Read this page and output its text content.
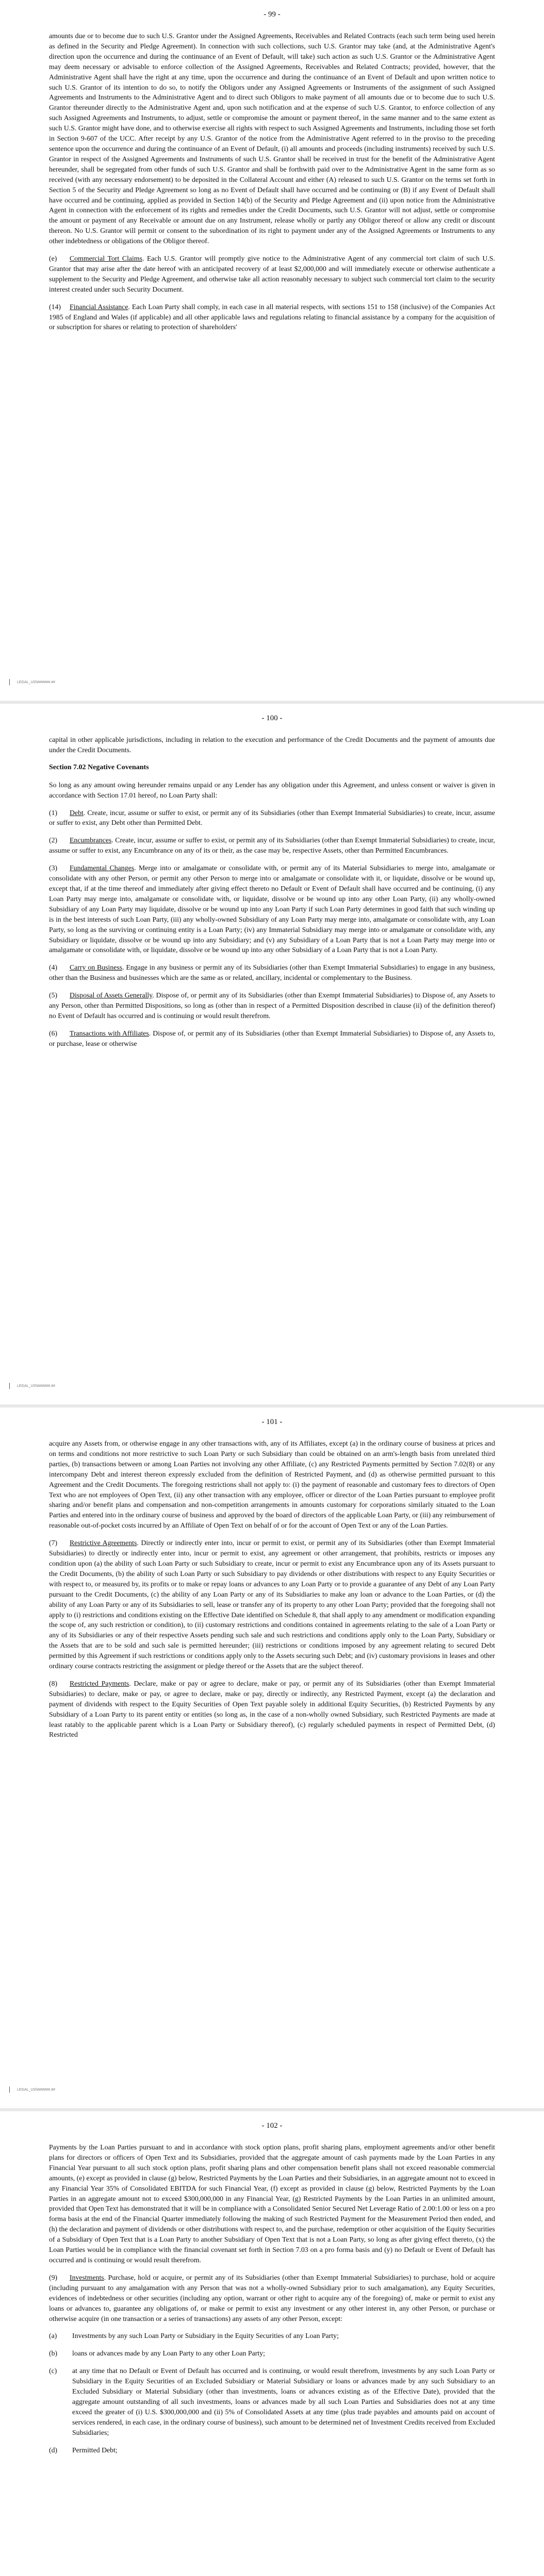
- 99 -

amounts due or to become due to such U.S. Grantor under the Assigned Agreements, Receivables and Related Contracts (each such term being used herein as defined in the Security and Pledge Agreement). In connection with such collections, such U.S. Grantor may take (and, at the Administrative Agent's direction upon the occurrence and during the continuance of an Event of Default, will take) such action as such U.S. Grantor or the Administrative Agent may deem necessary or advisable to enforce collection of the Assigned Agreements, Receivables and Related Contracts; provided, however, that the Administrative Agent shall have the right at any time, upon the occurrence and during the continuance of an Event of Default and upon written notice to such U.S. Grantor of its intention to do so, to notify the Obligors under any Assigned Agreements or Instruments of the assignment of such Assigned Agreements and Instruments to the Administrative Agent and to direct such Obligors to make payment of all amounts due or to become due to such U.S. Grantor thereunder directly to the Administrative Agent and, upon such notification and at the expense of such U.S. Grantor, to enforce collection of any such Assigned Agreements and Instruments, to adjust, settle or compromise the amount or payment thereof, in the same manner and to the same extent as such U.S. Grantor might have done, and to otherwise exercise all rights with respect to such Assigned Agreements and Instruments, including those set forth in Section 9-607 of the UCC. After receipt by any U.S. Grantor of the notice from the Administrative Agent referred to in the proviso to the preceding sentence upon the occurrence and during the continuance of an Event of Default, (i) all amounts and proceeds (including instruments) received by such U.S. Grantor in respect of the Assigned Agreements and Instruments of such U.S. Grantor shall be received in trust for the benefit of the Administrative Agent hereunder, shall be segregated from other funds of such U.S. Grantor and shall be forthwith paid over to the Administrative Agent in the same form as so received (with any necessary endorsement) to be deposited in the Collateral Account and either (A) released to such U.S. Grantor on the terms set forth in Section 5 of the Security and Pledge Agreement so long as no Event of Default shall have occurred and be continuing or (B) if any Event of Default shall have occurred and be continuing, applied as provided in Section 14(b) of the Security and Pledge Agreement and (ii) upon notice from the Administrative Agent in connection with the enforcement of its rights and remedies under the Credit Documents, such U.S. Grantor will not adjust, settle or compromise the amount or payment of any Receivable or amount due on any Instrument, release wholly or partly any Obligor thereof or allow any credit or discount thereon. No U.S. Grantor will permit or consent to the subordination of its right to payment under any of the Assigned Agreements or Instruments to any other indebtedness or obligations of the Obligor thereof.

(e) Commercial Tort Claims. Each U.S. Grantor will promptly give notice to the Administrative Agent of any commercial tort claim of such U.S. Grantor that may arise after the date hereof with an anticipated recovery of at least $2,000,000 and will immediately execute or otherwise authenticate a supplement to the Security and Pledge Agreement, and otherwise take all action reasonably necessary to subject such commercial tort claim to the security interest created under such Security Document.

(14) Financial Assistance. Each Loan Party shall comply, in each case in all material respects, with sections 151 to 158 (inclusive) of the Companies Act 1985 of England and Wales (if applicable) and all other applicable laws and regulations relating to financial assistance by a company for the acquisition of or subscription for shares or relating to protection of shareholders'

LEGAL_US\W#####.##
- 100 -

capital in other applicable jurisdictions, including in relation to the execution and performance of the Credit Documents and the payment of amounts due under the Credit Documents.

Section 7.02 Negative Covenants

So long as any amount owing hereunder remains unpaid or any Lender has any obligation under this Agreement, and unless consent or waiver is given in accordance with Section 17.01 hereof, no Loan Party shall:

(1) Debt. Create, incur, assume or suffer to exist, or permit any of its Subsidiaries (other than Exempt Immaterial Subsidiaries) to create, incur, assume or suffer to exist, any Debt other than Permitted Debt.

(2) Encumbrances. Create, incur, assume or suffer to exist, or permit any of its Subsidiaries (other than Exempt Immaterial Subsidiaries) to create, incur, assume or suffer to exist, any Encumbrance on any of its or their, as the case may be, respective Assets, other than Permitted Encumbrances.

(3) Fundamental Changes. Merge into or amalgamate or consolidate with, or permit any of its Material Subsidiaries to merge into, amalgamate or consolidate with any other Person, or permit any other Person to merge into or amalgamate or consolidate with it, or liquidate, dissolve or be wound up, except that, if at the time thereof and immediately after giving effect thereto no Default or Event of Default shall have occurred and be continuing, (i) any Loan Party may merge into, amalgamate or consolidate with, or liquidate, dissolve or be wound up into any other Loan Party, (ii) any wholly-owned Subsidiary of any Loan Party may liquidate, dissolve or be wound up into any Loan Party if such Loan Party determines in good faith that such winding up is in the best interests of such Loan Party, (iii) any wholly-owned Subsidiary of any Loan Party may merge into, amalgamate or consolidate with, any Loan Party, so long as the surviving or continuing entity is a Loan Party; (iv) any Immaterial Subsidiary may merge into or amalgamate or consolidate with, any Subsidiary or liquidate, dissolve or be wound up into any Subsidiary; and (v) any Subsidiary of a Loan Party that is not a Loan Party may merge into or amalgamate or consolidate with, or liquidate, dissolve or be wound up into any other Subsidiary of a Loan Party that is not a Loan Party.

(4) Carry on Business. Engage in any business or permit any of its Subsidiaries (other than Exempt Immaterial Subsidiaries) to engage in any business, other than the Business and businesses which are the same as or related, ancillary, incidental or complementary to the Business.

(5) Disposal of Assets Generally. Dispose of, or permit any of its Subsidiaries (other than Exempt Immaterial Subsidiaries) to Dispose of, any Assets to any Person, other than Permitted Dispositions, so long as (other than in respect of a Permitted Disposition described in clause (ii) of the definition thereof) no Event of Default has occurred and is continuing or would result therefrom.

(6) Transactions with Affiliates. Dispose of, or permit any of its Subsidiaries (other than Exempt Immaterial Subsidiaries) to Dispose of, any Assets to, or purchase, lease or otherwise

LEGAL_US\W#####.##
- 101 -

acquire any Assets from, or otherwise engage in any other transactions with, any of its Affiliates, except (a) in the ordinary course of business at prices and on terms and conditions not more restrictive to such Loan Party or such Subsidiary than could be obtained on an arm's-length basis from unrelated third parties, (b) transactions between or among Loan Parties not involving any other Affiliate, (c) any Restricted Payments permitted by Section 7.02(8) or any intercompany Debt and interest thereon expressly excluded from the definition of Restricted Payment, and (d) as otherwise permitted pursuant to this Agreement and the Credit Documents. The foregoing restrictions shall not apply to: (i) the payment of reasonable and customary fees to directors of Open Text who are not employees of Open Text, (ii) any other transaction with any employee, officer or director of the Loan Parties pursuant to employee profit sharing and/or benefit plans and compensation and non-competition arrangements in amounts customary for corporations similarly situated to the Loan Parties and entered into in the ordinary course of business and approved by the board of directors of the applicable Loan Party, or (iii) any reimbursement of reasonable out-of-pocket costs incurred by an Affiliate of Open Text on behalf of or for the account of Open Text or any of the Loan Parties.

(7) Restrictive Agreements. Directly or indirectly enter into, incur or permit to exist, or permit any of its Subsidiaries (other than Exempt Immaterial Subsidiaries) to directly or indirectly enter into, incur or permit to exist, any agreement or other arrangement, that prohibits, restricts or imposes any condition upon (a) the ability of such Loan Party or such Subsidiary to create, incur or permit to exist any Encumbrance upon any of its Assets pursuant to the Credit Documents, (b) the ability of such Loan Party or such Subsidiary to pay dividends or other distributions with respect to any Equity Securities or with respect to, or measured by, its profits or to make or repay loans or advances to any Loan Party or to provide a guarantee of any Debt of any Loan Party pursuant to the Credit Documents, (c) the ability of any Loan Party or any of its Subsidiaries to make any loan or advance to the Loan Parties, or (d) the ability of any Loan Party or any of its Subsidiaries to sell, lease or transfer any of its property to any other Loan Party; provided that the foregoing shall not apply to (i) restrictions and conditions existing on the Effective Date identified on Schedule 8, that shall apply to any amendment or modification expanding the scope of, any such restriction or condition), to (ii) customary restrictions and conditions contained in agreements relating to the sale of a Loan Party or any of its Subsidiaries or any of their respective Assets pending such sale and such restrictions and conditions apply only to the Loan Party, Subsidiary or the Assets that are to be sold and such sale is permitted hereunder; (iii) restrictions or conditions imposed by any agreement relating to secured Debt permitted by this Agreement if such restrictions or conditions apply only to the Assets securing such Debt; and (iv) customary provisions in leases and other ordinary course contracts restricting the assignment or pledge thereof or the Assets that are the subject thereof.

(8) Restricted Payments. Declare, make or pay or agree to declare, make or pay, or permit any of its Subsidiaries (other than Exempt Immaterial Subsidiaries) to declare, make or pay, or agree to declare, make or pay, directly or indirectly, any Restricted Payment, except (a) the declaration and payment of dividends with respect to the Equity Securities of Open Text payable solely in additional Equity Securities, (b) Restricted Payments by any Subsidiary of a Loan Party to its parent entity or entities (so long as, in the case of a non-wholly owned Subsidiary, such Restricted Payments are made at least ratably to the applicable parent which is a Loan Party or Subsidiary thereof), (c) regularly scheduled payments in respect of Permitted Debt, (d) Restricted

LEGAL_US\W#####.##
- 102 -

Payments by the Loan Parties pursuant to and in accordance with stock option plans, profit sharing plans, employment agreements and/or other benefit plans for directors or officers of Open Text and its Subsidiaries, provided that the aggregate amount of cash payments made by the Loan Parties in any Financial Year pursuant to all such stock option plans, profit sharing plans and other compensation benefit plans shall not exceed reasonable commercial amounts, (e) except as provided in clause (g) below, Restricted Payments by the Loan Parties and their Subsidiaries, in an aggregate amount not to exceed in any Financial Year 35% of Consolidated EBITDA for such Financial Year, (f) except as provided in clause (g) below, Restricted Payments by the Loan Parties in an aggregate amount not to exceed $300,000,000 in any Financial Year, (g) Restricted Payments by the Loan Parties in an unlimited amount, provided that Open Text has demonstrated that it will be in compliance with a Consolidated Senior Secured Net Leverage Ratio of 2.00:1.00 or less on a pro forma basis at the end of the Financial Quarter immediately following the making of such Restricted Payment for the Measurement Period then ended, and (h) the declaration and payment of dividends or other distributions with respect to, and the purchase, redemption or other acquisition of the Equity Securities of a Subsidiary of Open Text that is a Loan Party to another Subsidiary of Open Text that is not a Loan Party, so long as after giving effect thereto, (x) the Loan Parties would be in compliance with the financial covenant set forth in Section 7.03 on a pro forma basis and (y) no Default or Event of Default has occurred and is continuing or would result therefrom.

(9) Investments. Purchase, hold or acquire, or permit any of its Subsidiaries (other than Exempt Immaterial Subsidiaries) to purchase, hold or acquire (including pursuant to any amalgamation with any Person that was not a wholly-owned Subsidiary prior to such amalgamation), any Equity Securities, evidences of indebtedness or other securities (including any option, warrant or other right to acquire any of the foregoing) of, make or permit to exist any loans or advances to, guarantee any obligations of, or make or permit to exist any investment or any other interest in, any other Person, or purchase or otherwise acquire (in one transaction or a series of transactions) any assets of any other Person, except:

(a)	Investments by any such Loan Party or Subsidiary in the Equity Securities of any Loan Party;
(b)	loans or advances made by any Loan Party to any other Loan Party;
(c)	at any time that no Default or Event of Default has occurred and is continuing, or would result therefrom, investments by any such Loan Party or Subsidiary in the Equity Securities of an Excluded Subsidiary or Material Subsidiary or loans or advances made by any such Subsidiary to an Excluded Subsidiary or Material Subsidiary (other than investments, loans or advances existing as of the Effective Date), provided that the aggregate amount outstanding of all such investments, loans or advances made by all such Loan Parties and Subsidiaries does not at any time exceed the greater of (i) U.S. $300,000,000 and (ii) 5% of Consolidated Assets at any time (plus trade payables and amounts paid on account of services rendered, in each case, in the ordinary course of business), such amount to be determined net of Investment Credits received from Excluded Subsidiaries;
(d)	Permitted Debt;
